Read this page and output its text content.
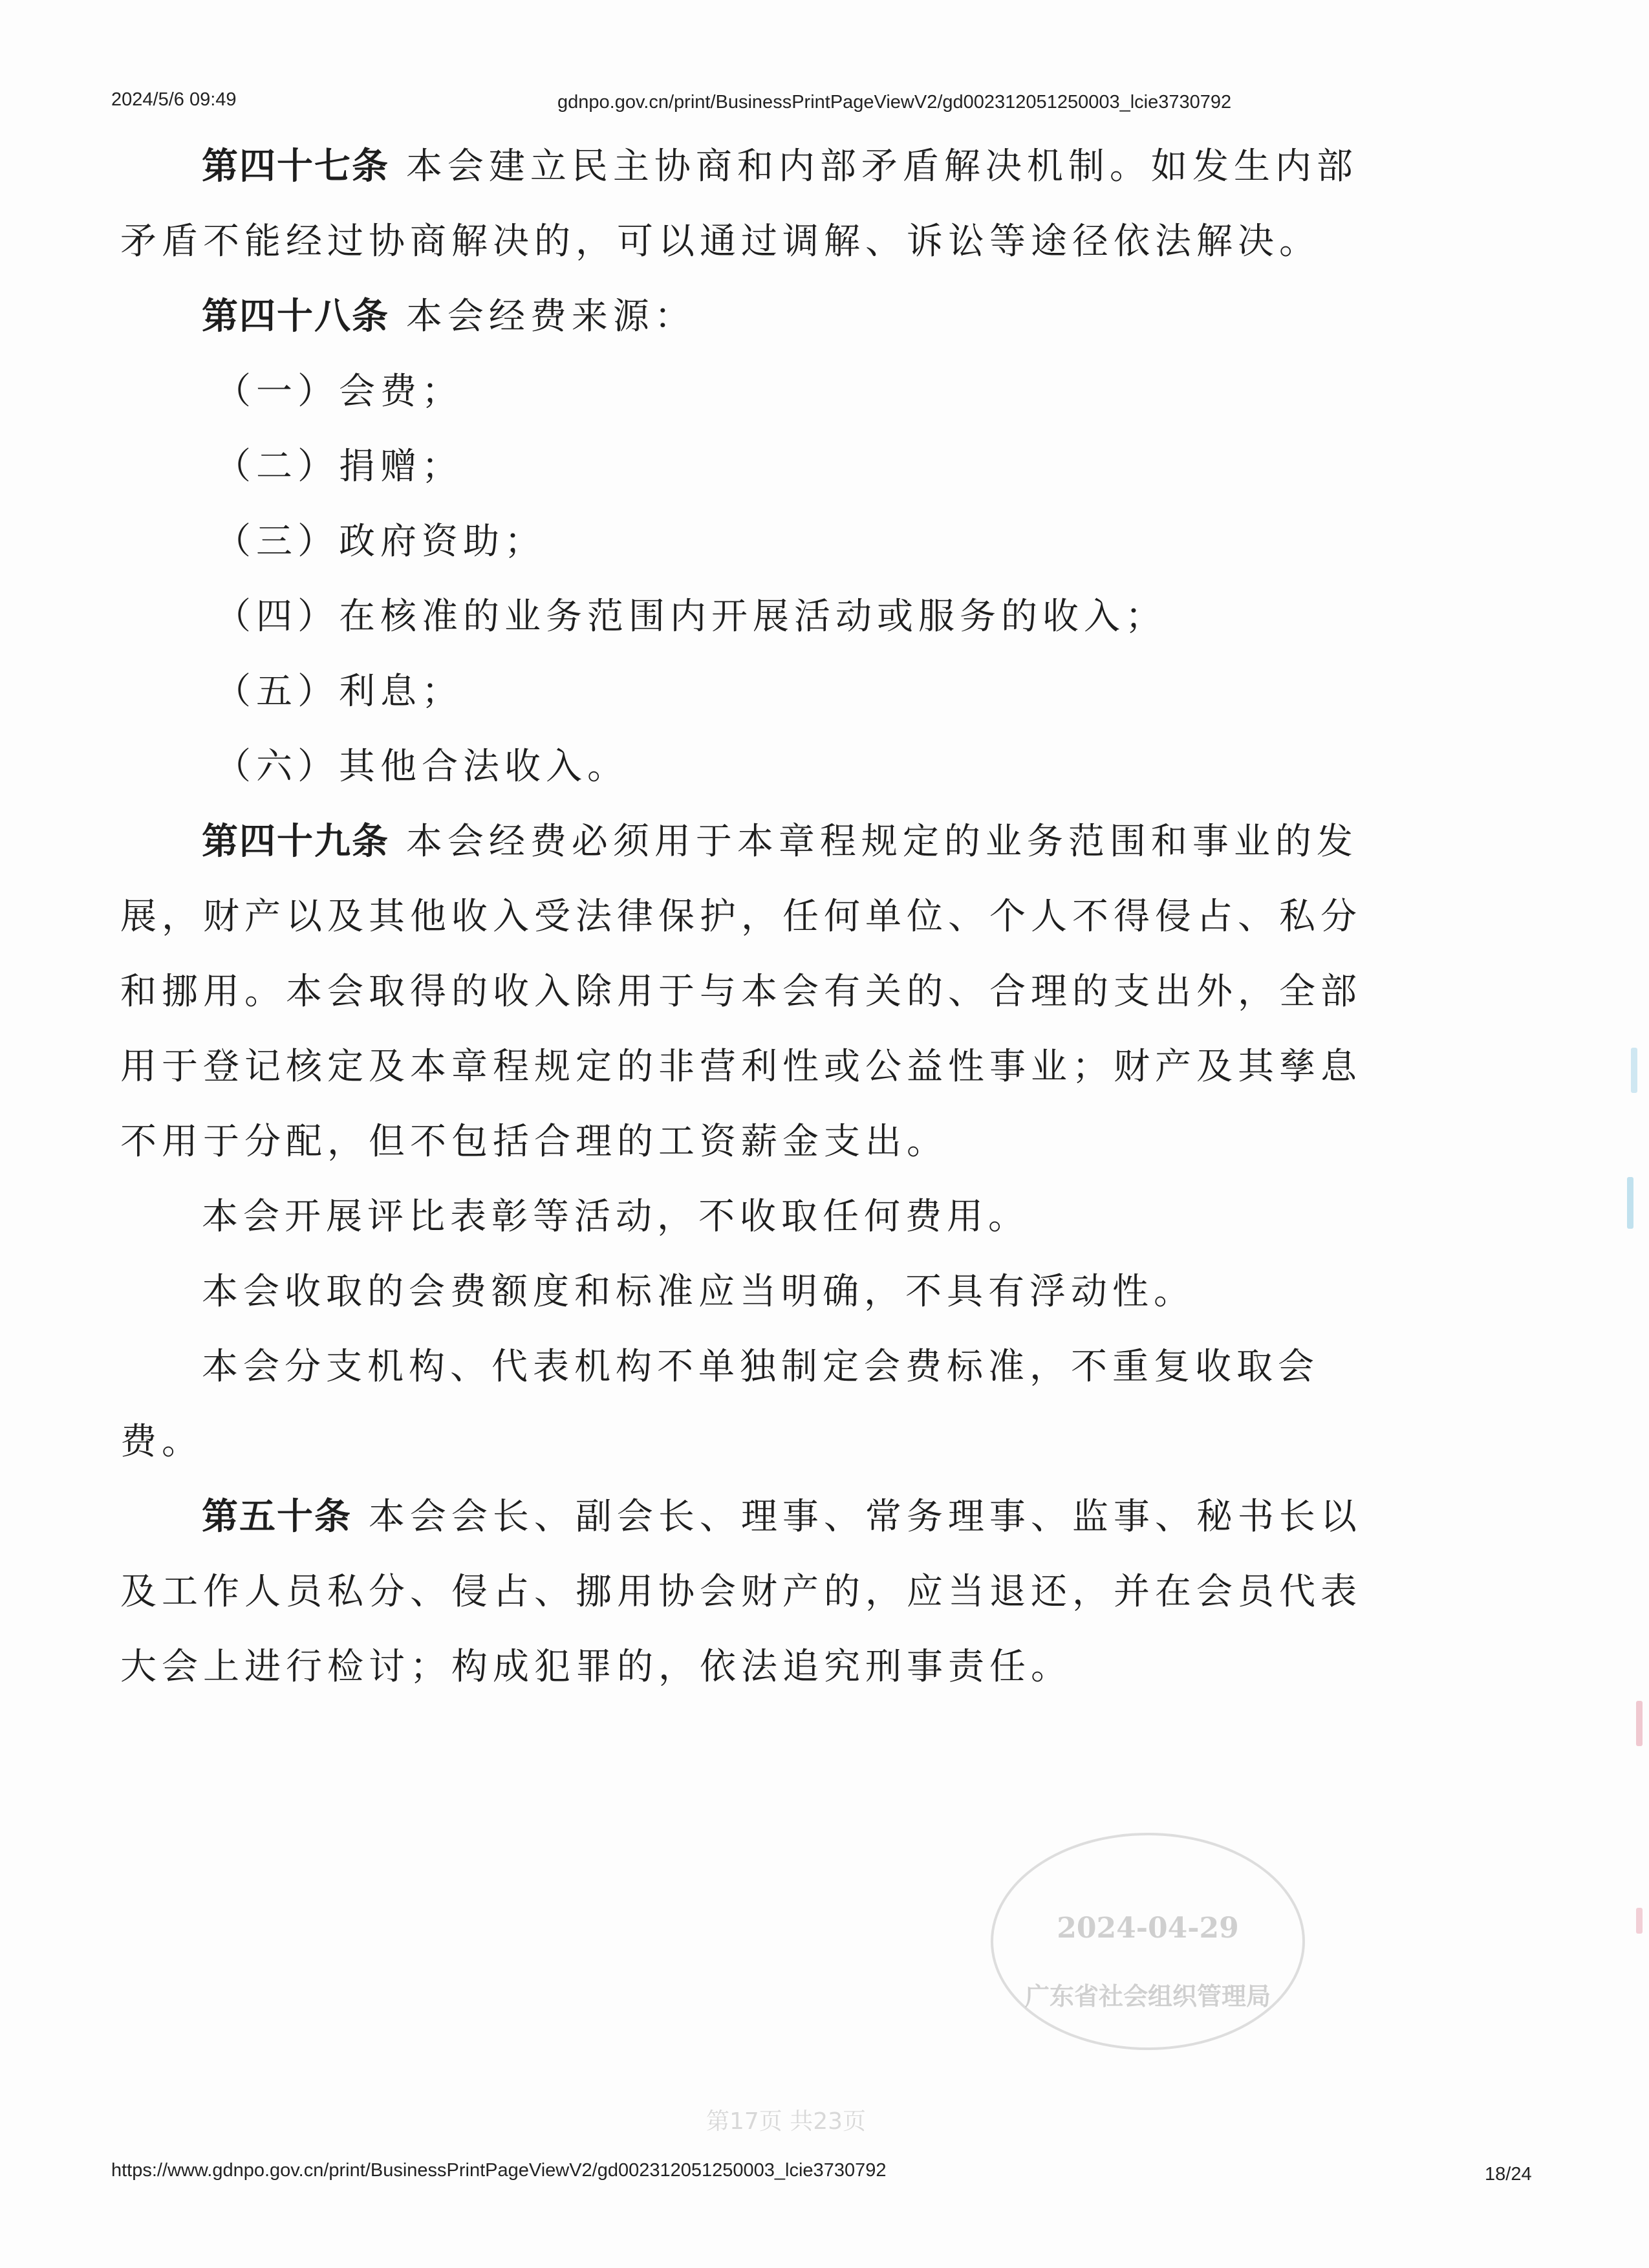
2024/5/6 09:49	gdnpo.gov.cn/print/BusinessPrintPageViewV2/gd002312051250003_lcie3730792

第四十七条 本会建立民主协商和内部矛盾解决机制。如发生内部矛盾不能经过协商解决的，可以通过调解、诉讼等途径依法解决。

第四十八条 本会经费来源：

（一）会费；

（二）捐赠；

（三）政府资助；

（四）在核准的业务范围内开展活动或服务的收入；

（五）利息；

（六）其他合法收入。

第四十九条 本会经费必须用于本章程规定的业务范围和事业的发展，财产以及其他收入受法律保护，任何单位、个人不得侵占、私分和挪用。本会取得的收入除用于与本会有关的、合理的支出外，全部用于登记核定及本章程规定的非营利性或公益性事业；财产及其孳息不用于分配，但不包括合理的工资薪金支出。

本会开展评比表彰等活动，不收取任何费用。

本会收取的会费额度和标准应当明确，不具有浮动性。

本会分支机构、代表机构不单独制定会费标准，不重复收取会费。

第五十条 本会会长、副会长、理事、常务理事、监事、秘书长以及工作人员私分、侵占、挪用协会财产的，应当退还，并在会员代表大会上进行检讨；构成犯罪的，依法追究刑事责任。

2024-04-29
广东省社会组织管理局
第17页 共23页
https://www.gdnpo.gov.cn/print/BusinessPrintPageViewV2/gd002312051250003_lcie3730792	18/24
